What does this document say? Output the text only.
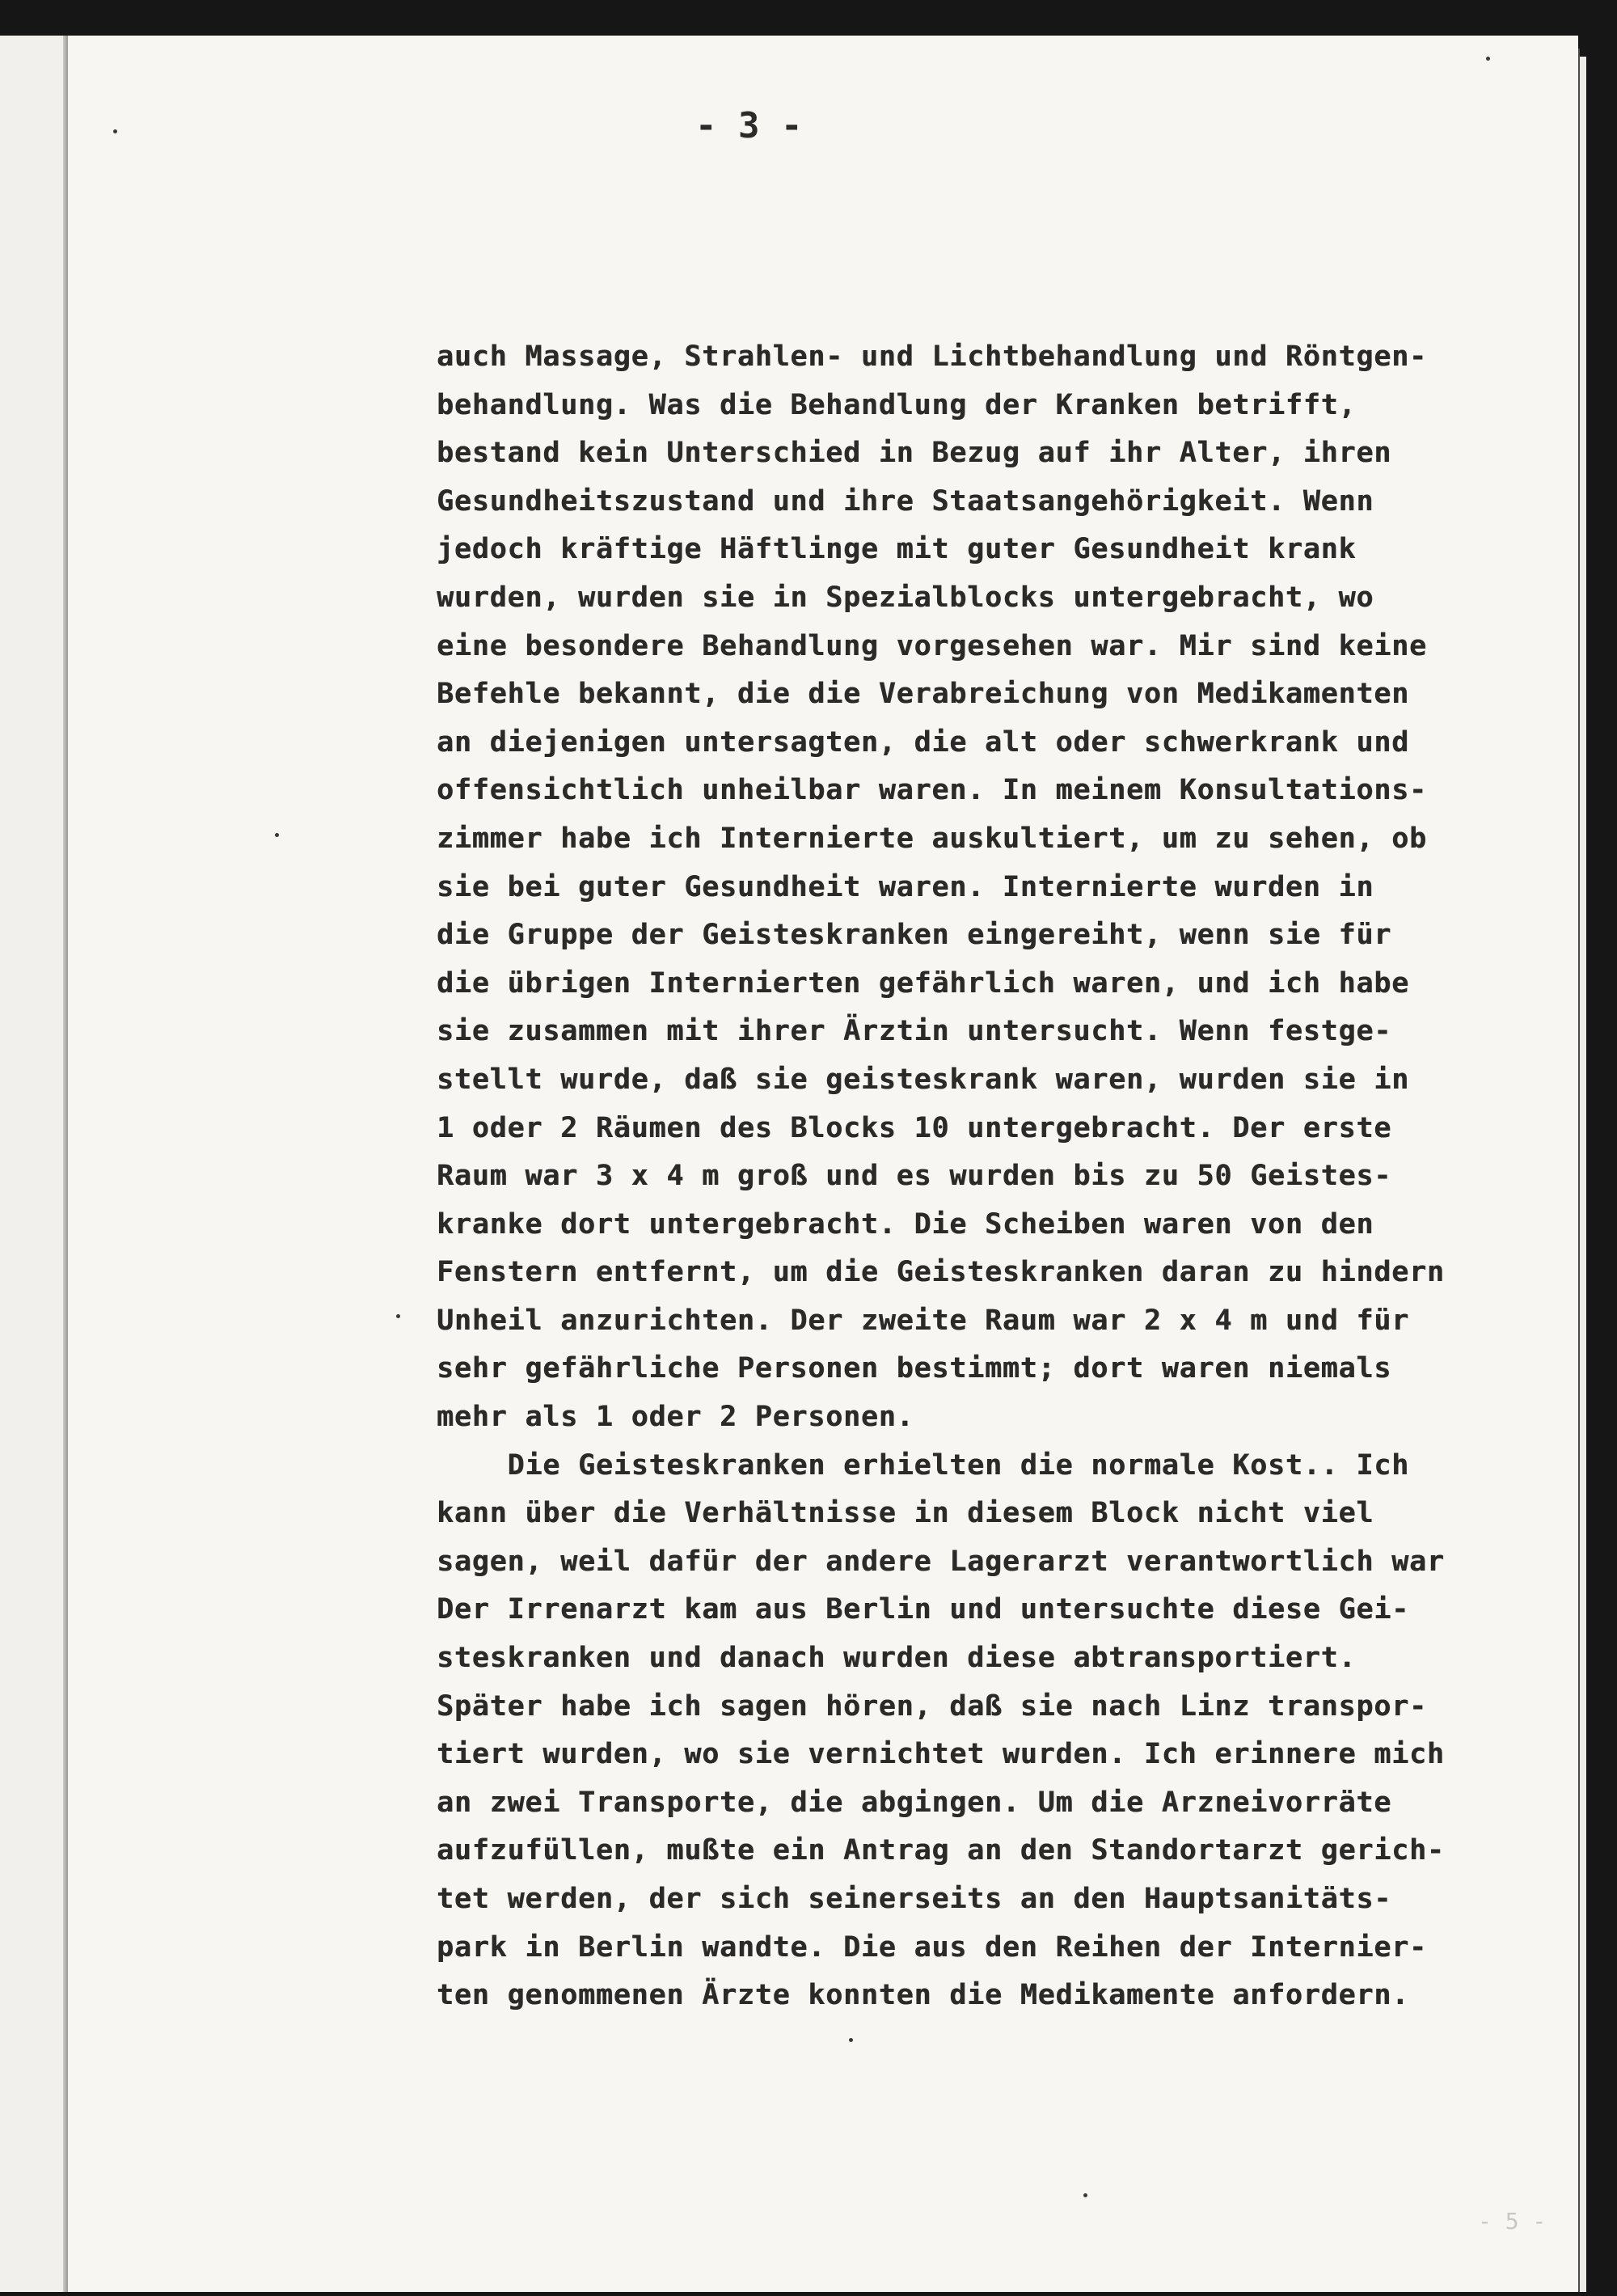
- 5 -
- 3 -
auch Massage, Strahlen- und Lichtbehandlung und Röntgen-
behandlung. Was die Behandlung der Kranken betrifft,
bestand kein Unterschied in Bezug auf ihr Alter, ihren
Gesundheitszustand und ihre Staatsangehörigkeit. Wenn
jedoch kräftige Häftlinge mit guter Gesundheit krank
wurden, wurden sie in Spezialblocks untergebracht, wo
eine besondere Behandlung vorgesehen war. Mir sind keine
Befehle bekannt, die die Verabreichung von Medikamenten
an diejenigen untersagten, die alt oder schwerkrank und
offensichtlich unheilbar waren. In meinem Konsultations-
zimmer habe ich Internierte auskultiert, um zu sehen, ob
sie bei guter Gesundheit waren. Internierte wurden in
die Gruppe der Geisteskranken eingereiht, wenn sie für
die übrigen Internierten gefährlich waren, und ich habe
sie zusammen mit ihrer Ärztin untersucht. Wenn festge-
stellt wurde, daß sie geisteskrank waren, wurden sie in
1 oder 2 Räumen des Blocks 10 untergebracht. Der erste
Raum war 3 x 4 m groß und es wurden bis zu 50 Geistes-
kranke dort untergebracht. Die Scheiben waren von den
Fenstern entfernt, um die Geisteskranken daran zu hindern
Unheil anzurichten. Der zweite Raum war 2 x 4 m und für
sehr gefährliche Personen bestimmt; dort waren niemals
mehr als 1 oder 2 Personen.
Die Geisteskranken erhielten die normale Kost.. Ich
kann über die Verhältnisse in diesem Block nicht viel
sagen, weil dafür der andere Lagerarzt verantwortlich war
Der Irrenarzt kam aus Berlin und untersuchte diese Gei-
steskranken und danach wurden diese abtransportiert.
Später habe ich sagen hören, daß sie nach Linz transpor-
tiert wurden, wo sie vernichtet wurden. Ich erinnere mich
an zwei Transporte, die abgingen. Um die Arzneivorräte
aufzufüllen, mußte ein Antrag an den Standortarzt gerich-
tet werden, der sich seinerseits an den Hauptsanitäts-
park in Berlin wandte. Die aus den Reihen der Internier-
ten genommenen Ärzte konnten die Medikamente anfordern.
